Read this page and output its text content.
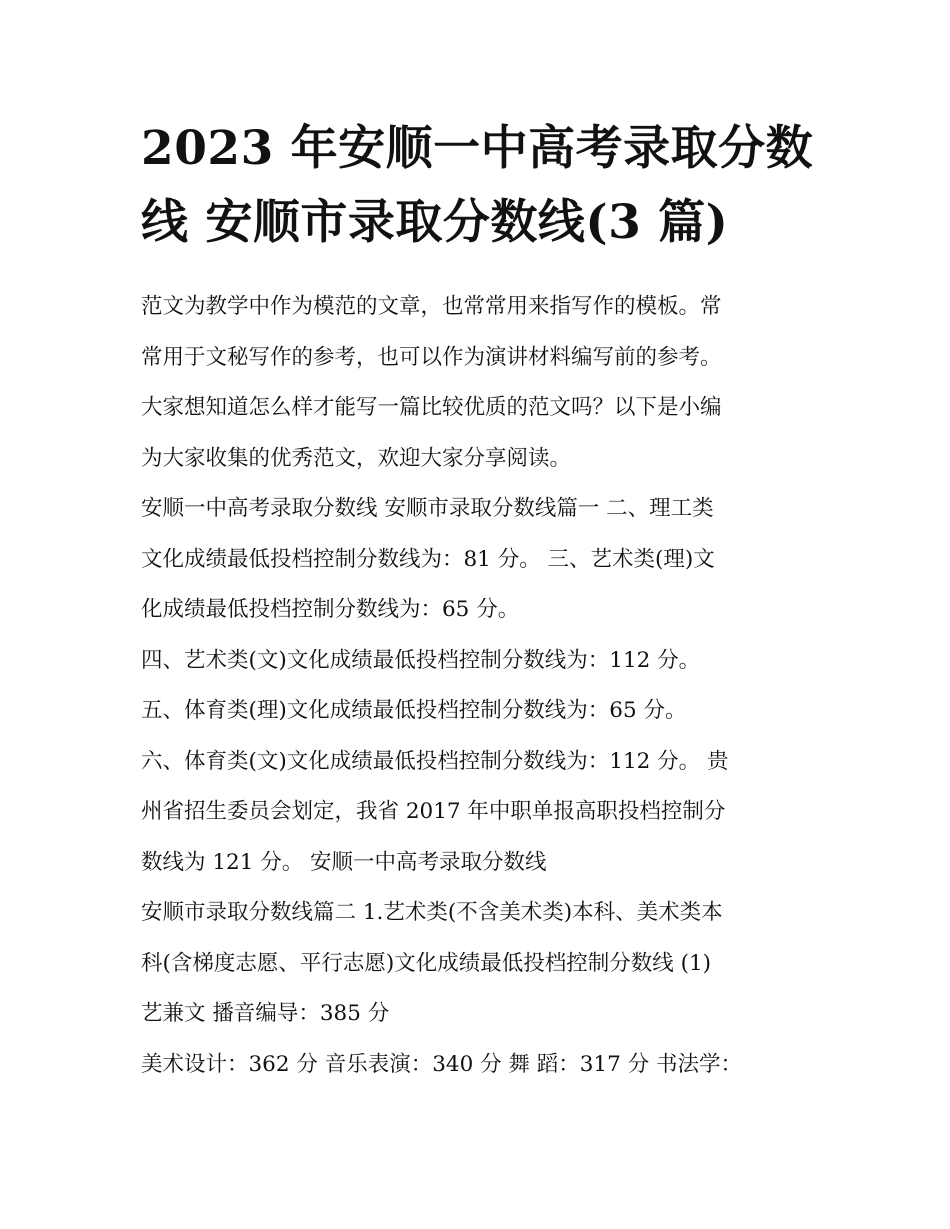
2023 年安顺一中高考录取分数
线 安顺市录取分数线(3 篇)

范文为教学中作为模范的文章，也常常用来指写作的模板。常

常用于文秘写作的参考，也可以作为演讲材料编写前的参考。

大家想知道怎么样才能写一篇比较优质的范文吗？以下是小编

为大家收集的优秀范文，欢迎大家分享阅读。

安顺一中高考录取分数线 安顺市录取分数线篇一 二、理工类

文化成绩最低投档控制分数线为：81 分。 三、艺术类(理)文

化成绩最低投档控制分数线为：65 分。

四、艺术类(文)文化成绩最低投档控制分数线为：112 分。

五、体育类(理)文化成绩最低投档控制分数线为：65 分。

六、体育类(文)文化成绩最低投档控制分数线为：112 分。 贵

州省招生委员会划定，我省 2017 年中职单报高职投档控制分

数线为 121 分。 安顺一中高考录取分数线

安顺市录取分数线篇二 1.艺术类(不含美术类)本科、美术类本

科(含梯度志愿、平行志愿)文化成绩最低投档控制分数线 (1)

艺兼文 播音编导：385 分

美术设计：362 分 音乐表演：340 分 舞 蹈：317 分 书法学：
